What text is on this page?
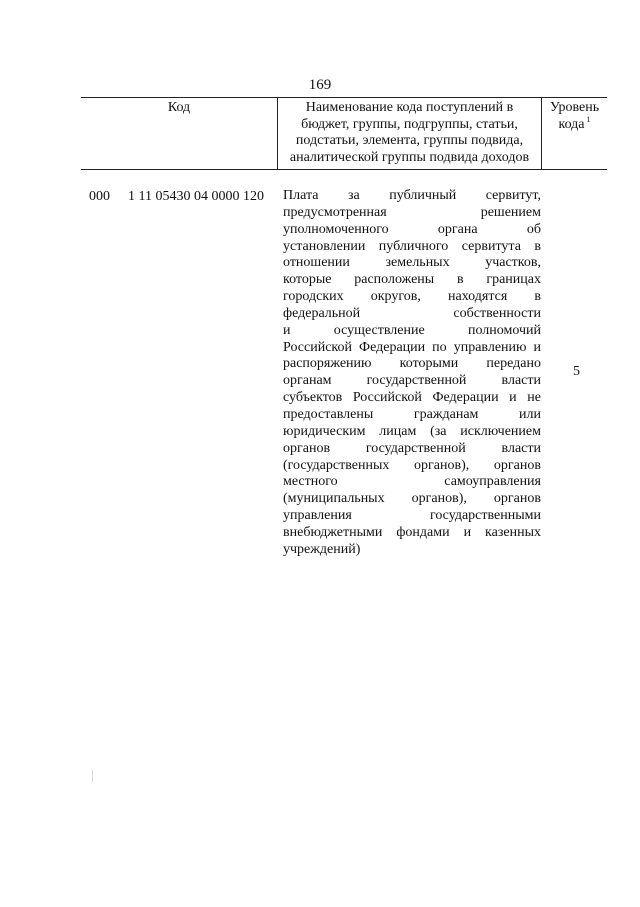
169
Код	Наименование кода поступлений в
бюджет, группы, подгруппы, статьи,
подстатьи, элемента, группы подвида,
аналитической группы подвида доходов
Уровень
кода $^1$
000 1 11 05430 04 0000 120 Плата за публичный сервитут,
предусмотренная решением
уполномоченного органа об
установлении публичного сервитута в
отношении земельных участков,
которые расположены в границах
городских округов, находятся в
федеральной собственности
и осуществление полномочий
Российской Федерации по управлению и
распоряжению которыми передано
органам государственной власти
субъектов Российской Федерации и не
предоставлены гражданам или
юридическим лицам (за исключением
органов государственной власти
(государственных органов), органов
местного самоуправления
(муниципальных органов), органов
управления государственными
внебюджетными фондами и казенных
учреждений)
5
